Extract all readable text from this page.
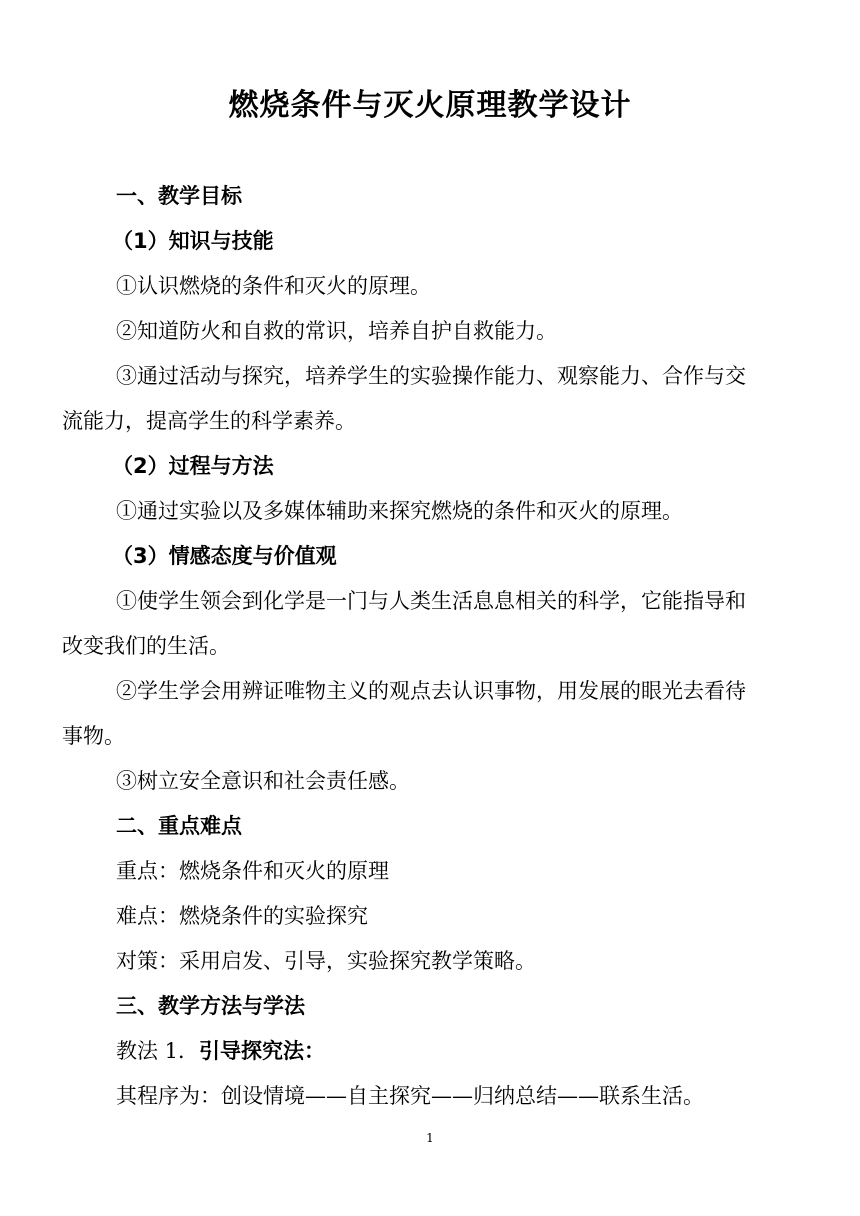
燃烧条件与灭火原理教学设计
一、教学目标
（1）知识与技能
①认识燃烧的条件和灭火的原理。
②知道防火和自救的常识，培养自护自救能力。
③通过活动与探究，培养学生的实验操作能力、观察能力、合作与交
流能力，提高学生的科学素养。
（2）过程与方法
①通过实验以及多媒体辅助来探究燃烧的条件和灭火的原理。
（3）情感态度与价值观
①使学生领会到化学是一门与人类生活息息相关的科学，它能指导和
改变我们的生活。
②学生学会用辨证唯物主义的观点去认识事物，用发展的眼光去看待
事物。
③树立安全意识和社会责任感。
二、重点难点
重点：燃烧条件和灭火的原理
难点：燃烧条件的实验探究
对策：采用启发、引导，实验探究教学策略。
三、教学方法与学法
教法 1．引导探究法：
其程序为：创设情境——自主探究——归纳总结——联系生活。
1
